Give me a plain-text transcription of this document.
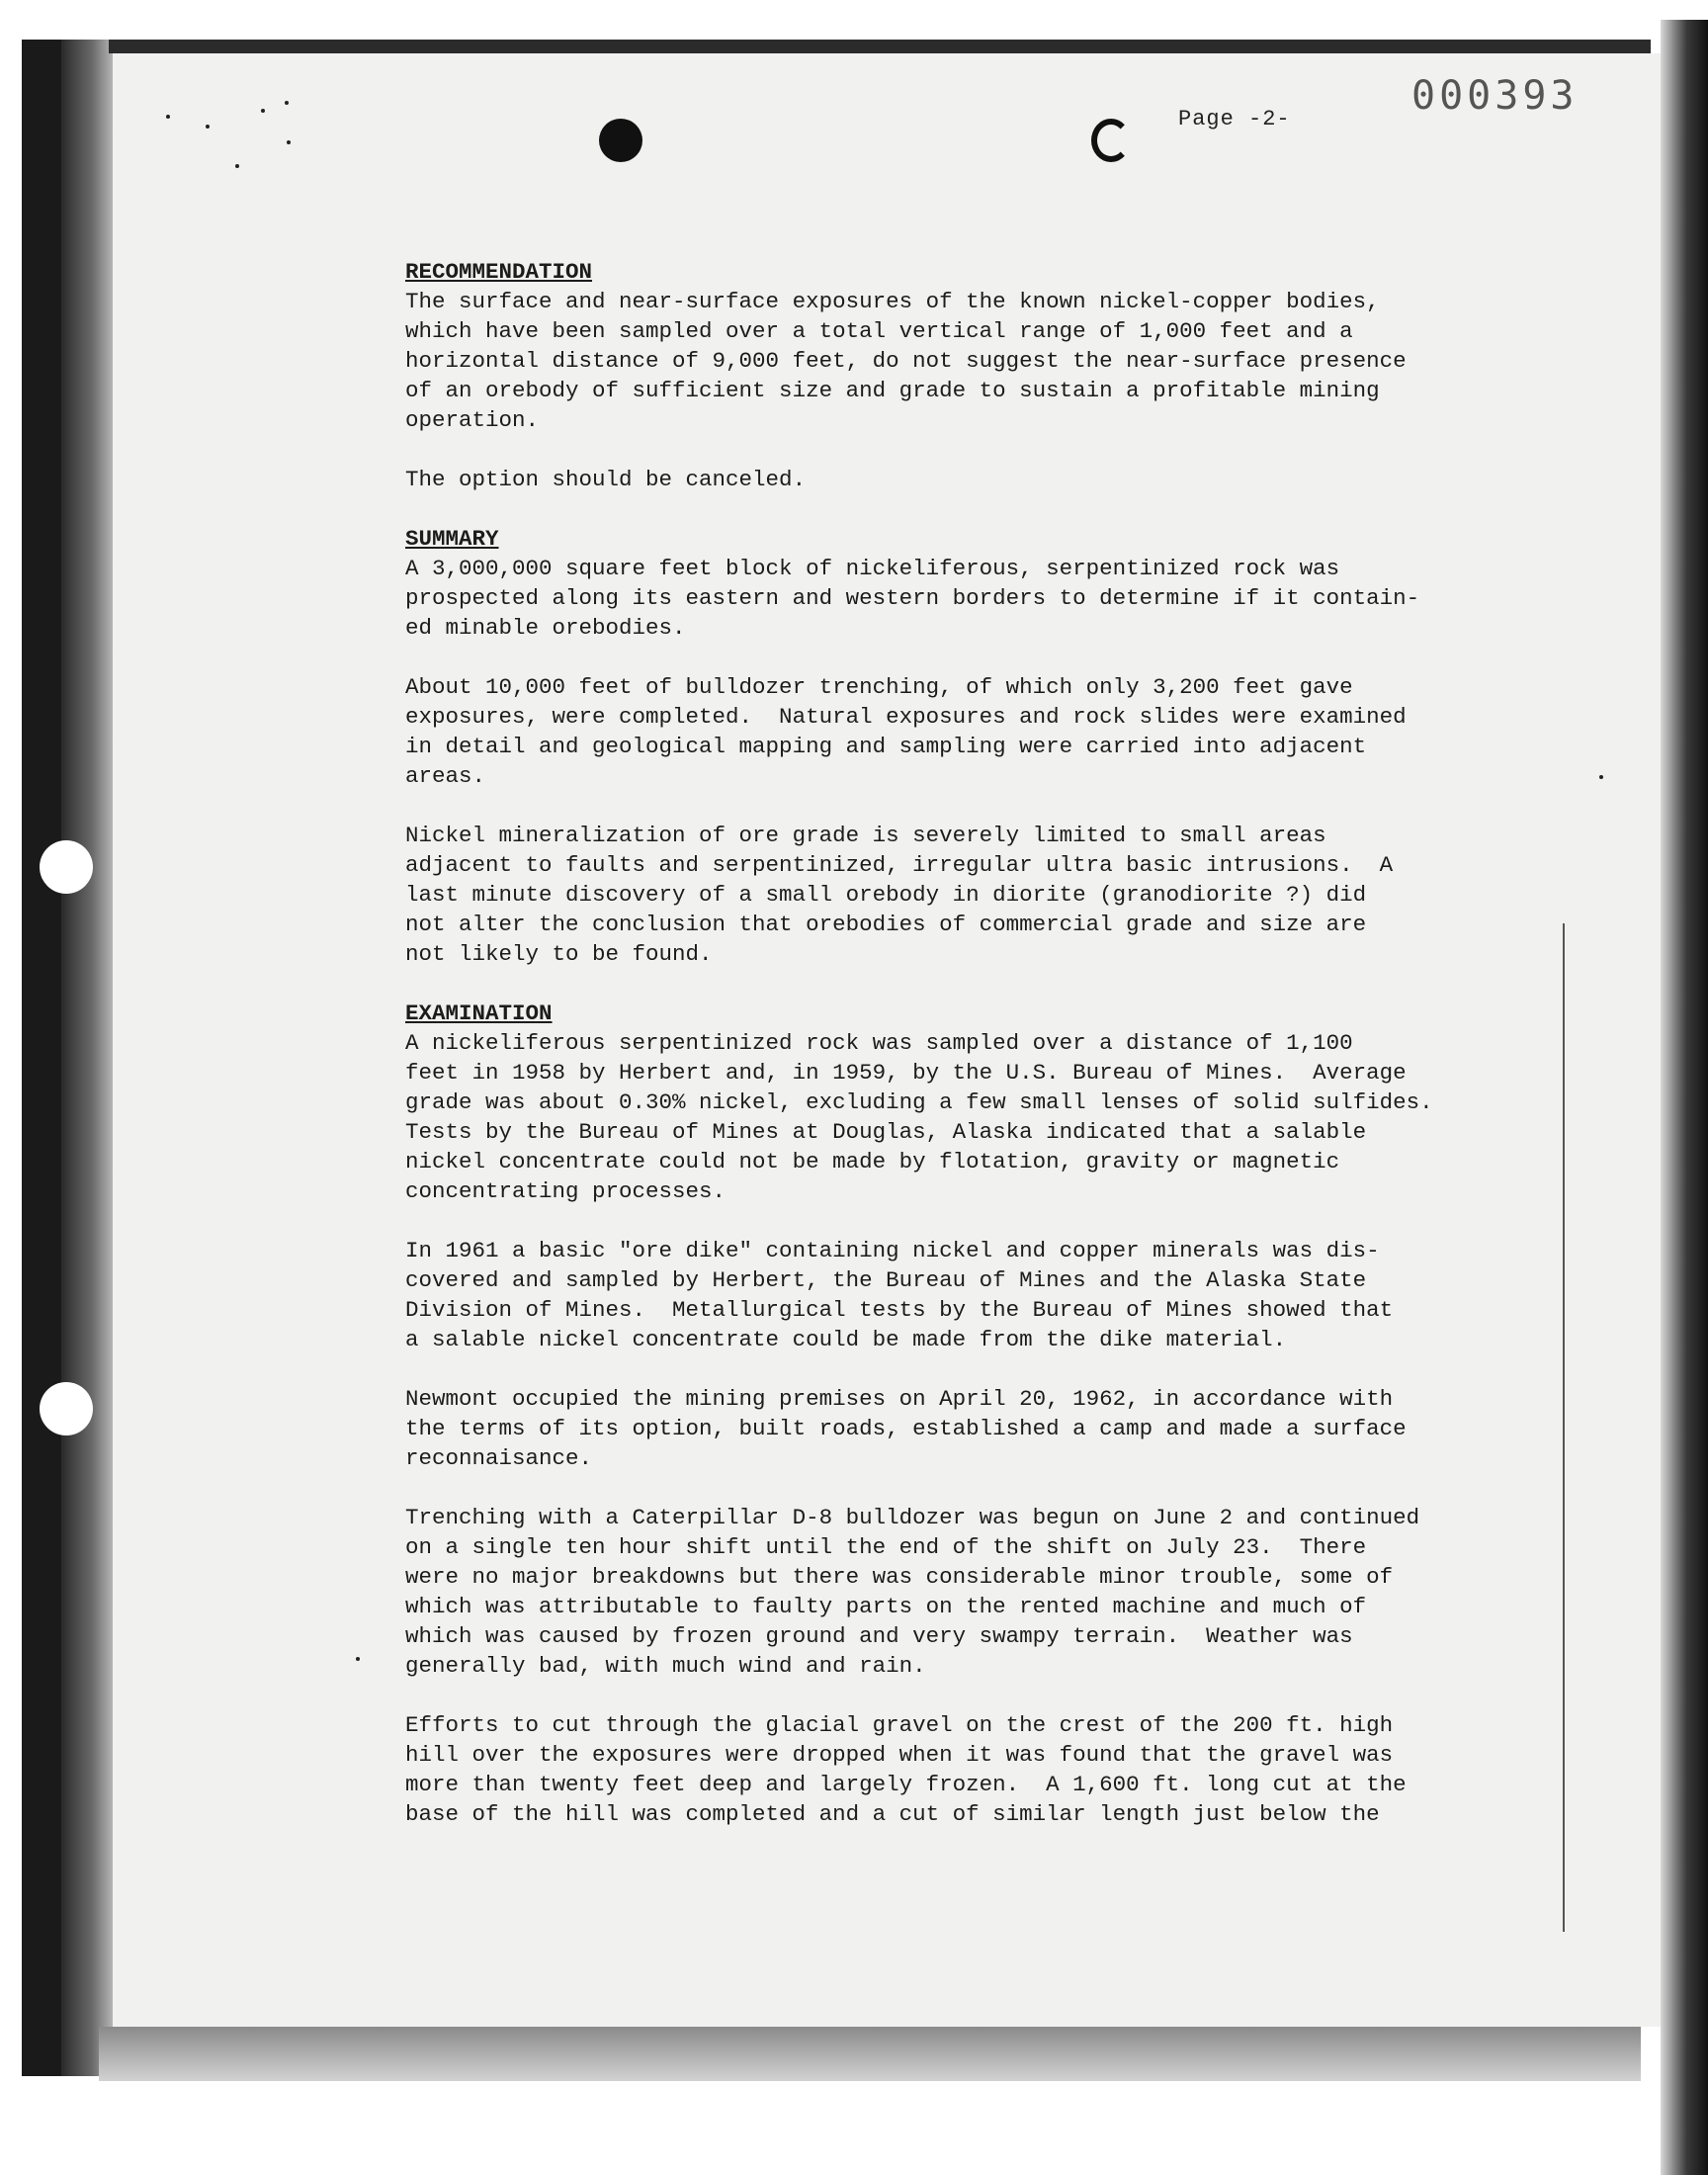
Page -2-
000393

RECOMMENDATION

The surface and near-surface exposures of the known nickel-copper bodies,
which have been sampled over a total vertical range of 1,000 feet and a
horizontal distance of 9,000 feet, do not suggest the near-surface presence
of an orebody of sufficient size and grade to sustain a profitable mining
operation.

The option should be canceled.

SUMMARY

A 3,000,000 square feet block of nickeliferous, serpentinized rock was
prospected along its eastern and western borders to determine if it contain-
ed minable orebodies.

About 10,000 feet of bulldozer trenching, of which only 3,200 feet gave
exposures, were completed.  Natural exposures and rock slides were examined
in detail and geological mapping and sampling were carried into adjacent
areas.

Nickel mineralization of ore grade is severely limited to small areas
adjacent to faults and serpentinized, irregular ultra basic intrusions.  A
last minute discovery of a small orebody in diorite (granodiorite ?) did
not alter the conclusion that orebodies of commercial grade and size are
not likely to be found.

EXAMINATION

A nickeliferous serpentinized rock was sampled over a distance of 1,100
feet in 1958 by Herbert and, in 1959, by the U.S. Bureau of Mines.  Average
grade was about 0.30% nickel, excluding a few small lenses of solid sulfides.
Tests by the Bureau of Mines at Douglas, Alaska indicated that a salable
nickel concentrate could not be made by flotation, gravity or magnetic
concentrating processes.

In 1961 a basic "ore dike" containing nickel and copper minerals was dis-
covered and sampled by Herbert, the Bureau of Mines and the Alaska State
Division of Mines.  Metallurgical tests by the Bureau of Mines showed that
a salable nickel concentrate could be made from the dike material.

Newmont occupied the mining premises on April 20, 1962, in accordance with
the terms of its option, built roads, established a camp and made a surface
reconnaisance.

Trenching with a Caterpillar D-8 bulldozer was begun on June 2 and continued
on a single ten hour shift until the end of the shift on July 23.  There
were no major breakdowns but there was considerable minor trouble, some of
which was attributable to faulty parts on the rented machine and much of
which was caused by frozen ground and very swampy terrain.  Weather was
generally bad, with much wind and rain.

Efforts to cut through the glacial gravel on the crest of the 200 ft. high
hill over the exposures were dropped when it was found that the gravel was
more than twenty feet deep and largely frozen.  A 1,600 ft. long cut at the
base of the hill was completed and a cut of similar length just below the
